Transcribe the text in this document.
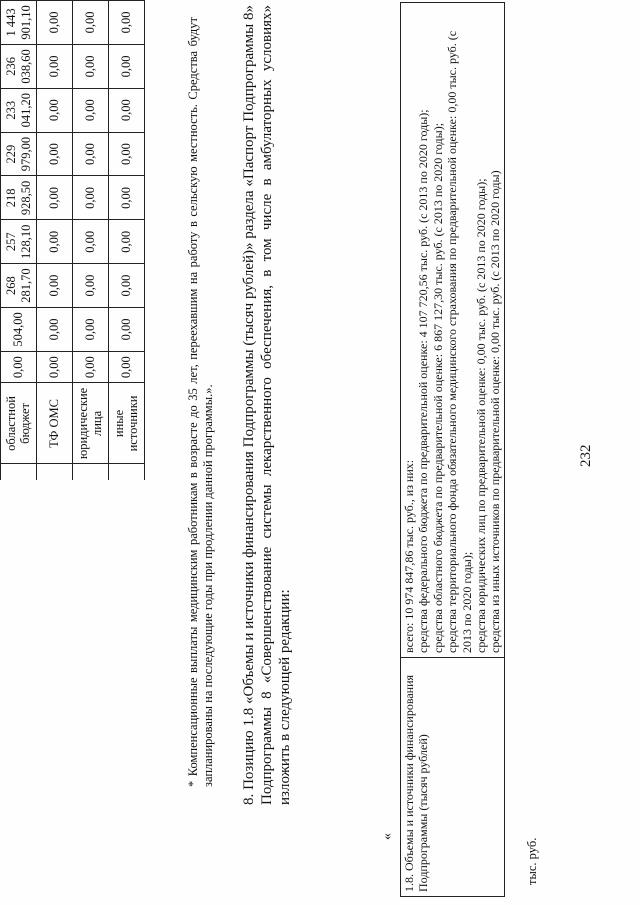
232
	областной бюджет	0,00	504,00	268 281,70	257 128,10	218 928,50	229 979,00	233 041,20	236 038,60	1 443 901,10
	ТФ ОМС	0,00	0,00	0,00	0,00	0,00	0,00	0,00	0,00	0,00
	юридические лица	0,00	0,00	0,00	0,00	0,00	0,00	0,00	0,00	0,00
	иные источники	0,00	0,00	0,00	0,00	0,00	0,00	0,00	0,00	0,00	* Компенсационные выплаты медицинским работникам в возрасте до 35 лет, переехавшим на работу в сельскую местность. Средства будут запланированы на последующие годы при продлении данной программы.». 8. Позицию 1.8 «Объемы и источники финансирования Подпрограммы (тысяч рублей)» раздела «Паспорт Подпрограммы 8» Подпрограммы 8 «Совершенствование системы лекарственного обеспечения, в том числе в амбулаторных условиях» изложить в следующей редакции:
« 1.8. Объемы и источники финансирования Подпрограммы (тысяч рублей)	
всего: 10 974 847,86 тыс. руб., из них: средства федерального бюджета по предварительной оценке: 4 107 720,56 тыс. руб. (с 2013 по 2020 годы); средства областного бюджета по предварительной оценке: 6 867 127,30 тыс. руб. (с 2013 по 2020 годы); средства территориального фонда обязательного медицинского страхования по предварительной оценке: 0,00 тыс. руб. (с 2013 по 2020 годы); средства юридических лиц по предварительной оценке: 0,00 тыс. руб. (с 2013 по 2020 годы); средства из иных источников по предварительной оценке: 0,00 тыс. руб. (с 2013 по 2020 годы)
тыс. руб.
